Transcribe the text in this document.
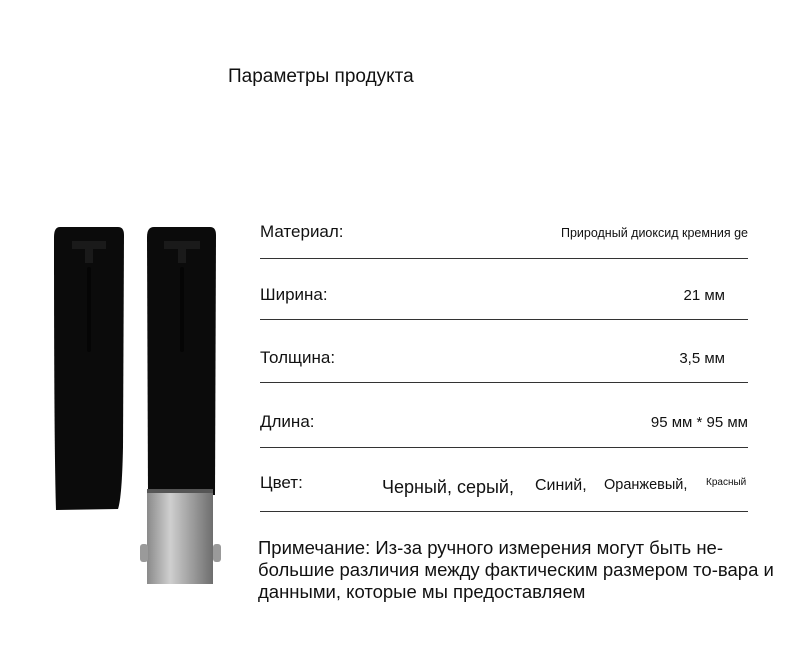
Параметры продукта
Материал:	Природный диоксид кремния ge
Ширина:	21 мм
Толщина:	3,5 мм
Длина:	95 мм * 95 мм
Цвет:	Черный, серый, Синий, Оранжевый, Красный
Примечание: Из-за ручного измерения могут быть не-большие различия между фактическим размером то-вара и данными, которые мы предоставляем
